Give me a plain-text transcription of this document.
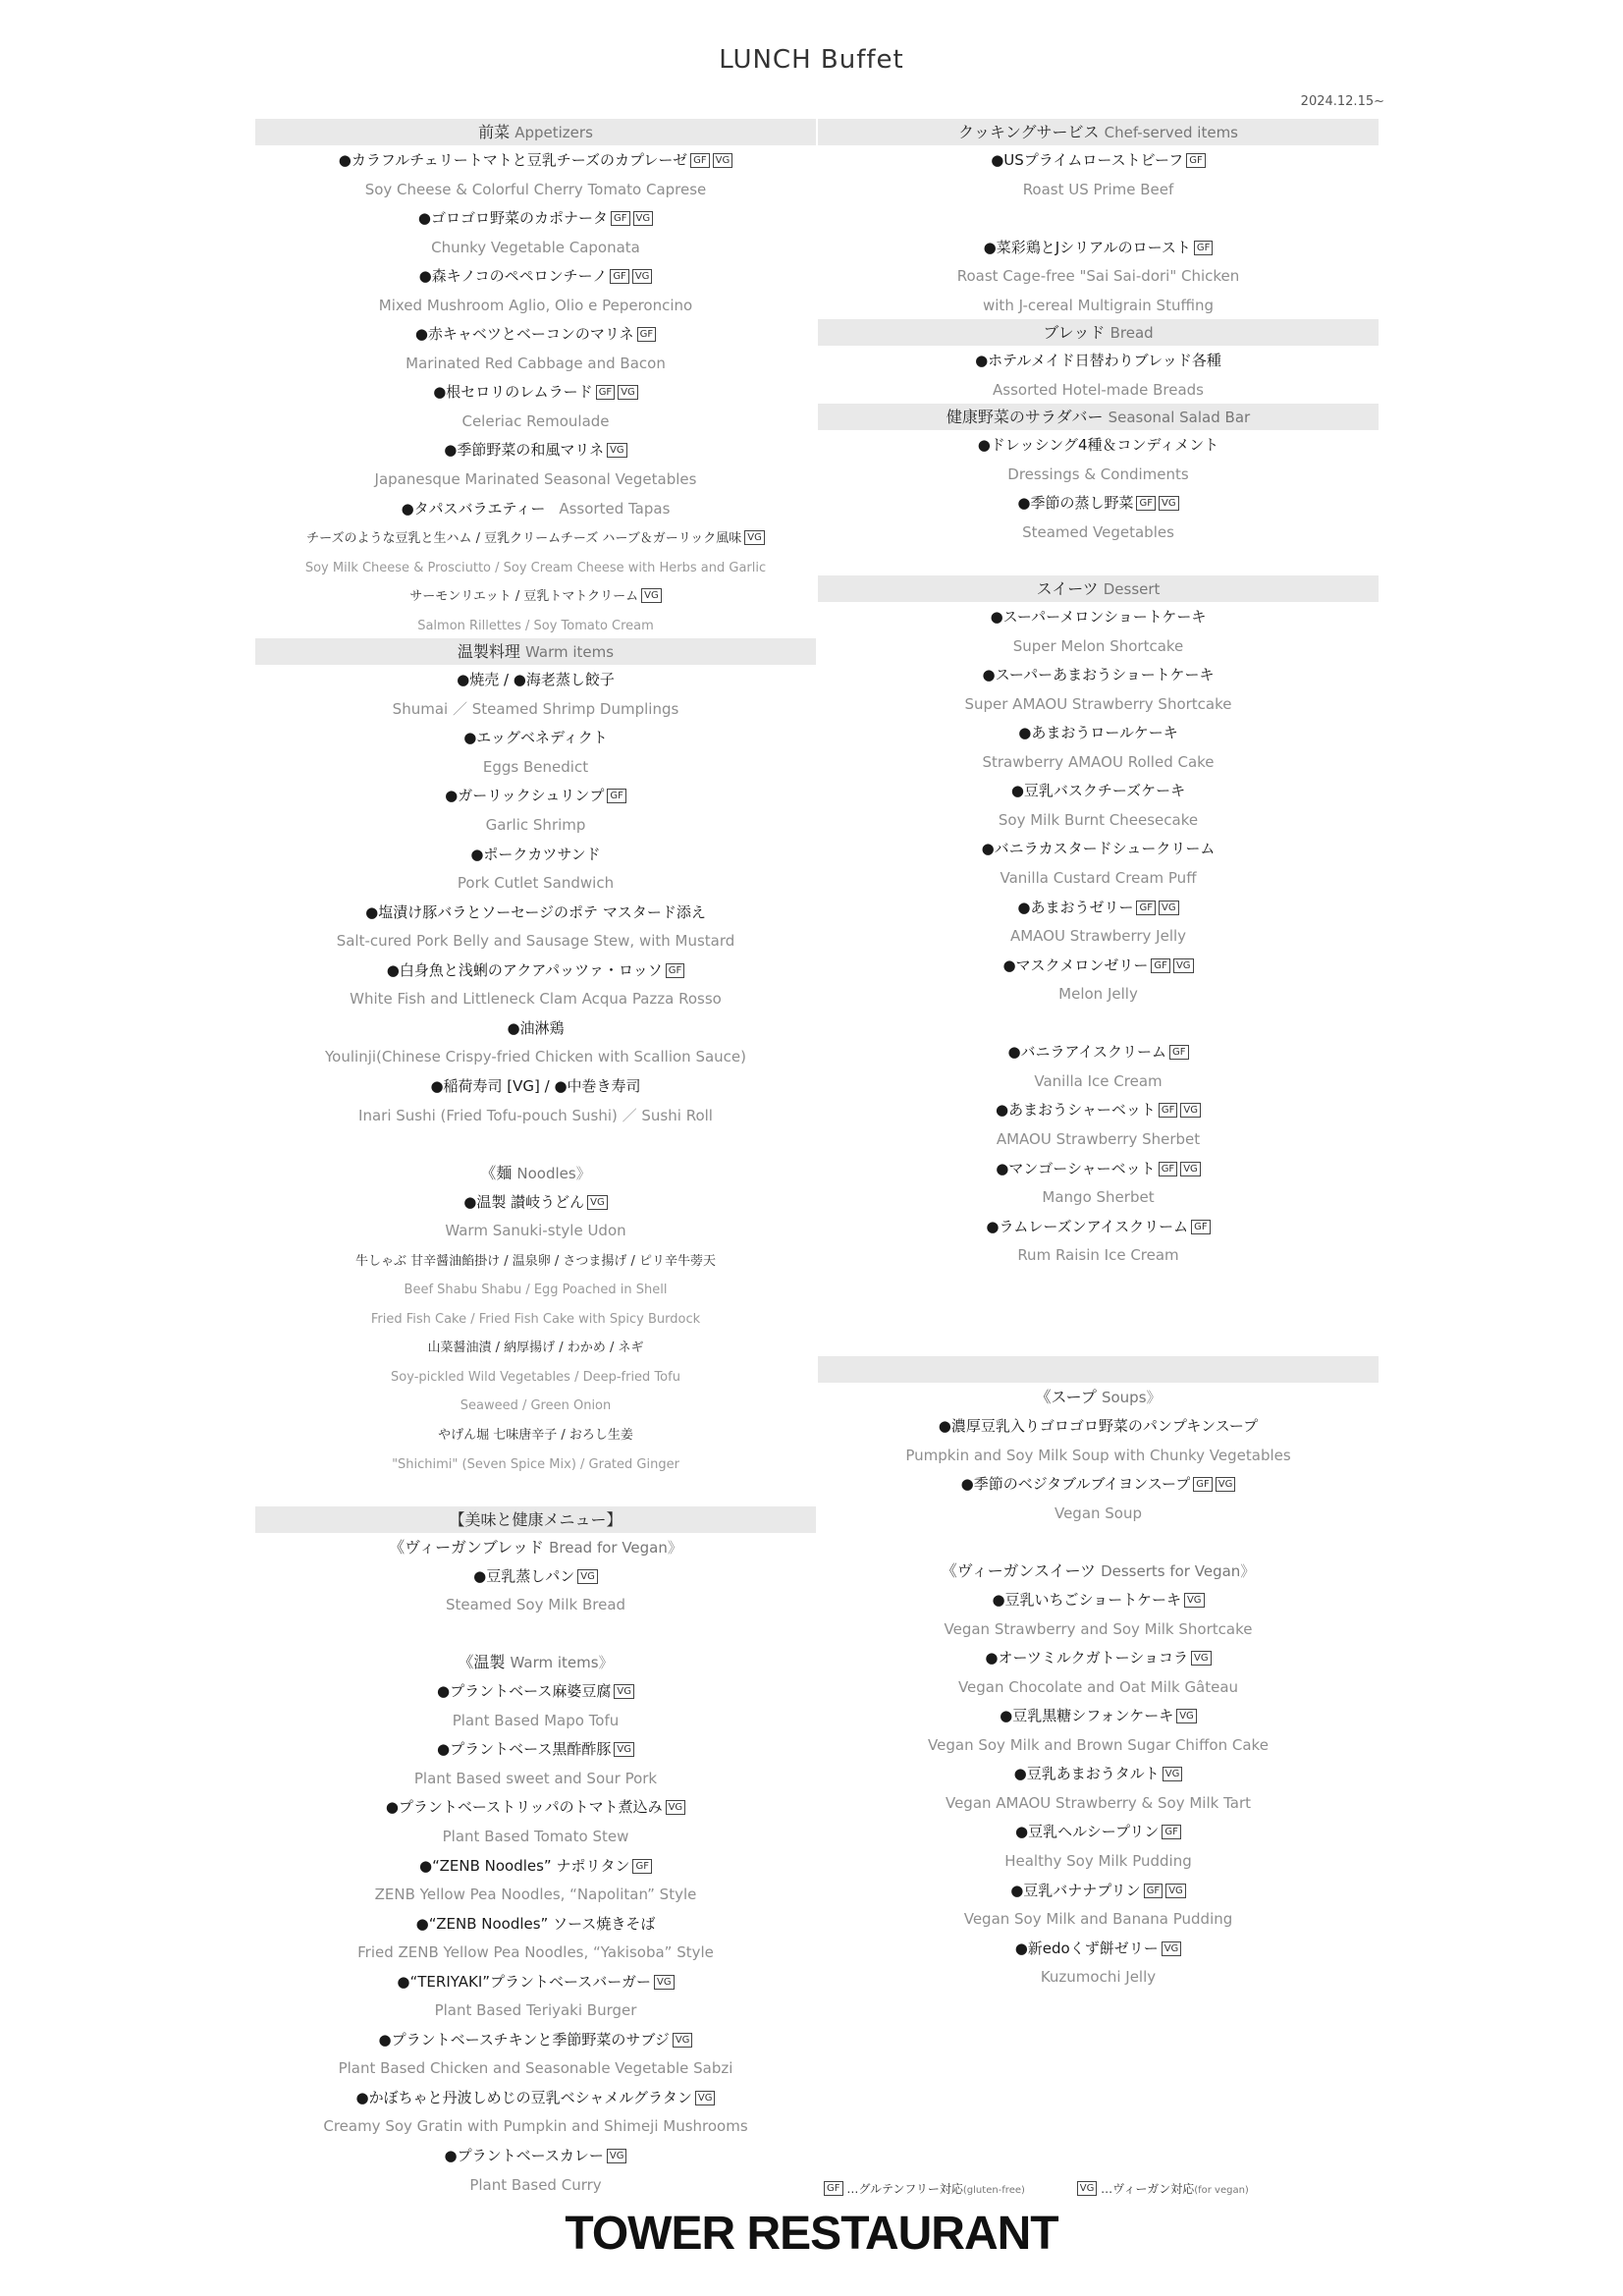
LUNCH Buffet
2024.12.15~
前菜 Appetizers
●カラフルチェリートマトと豆乳チーズのカプレーゼ GF VG
Soy Cheese & Colorful Cherry Tomato Caprese
●ゴロゴロ野菜のカポナータ GF VG
Chunky Vegetable Caponata
●森キノコのペペロンチーノ GF VG
Mixed Mushroom Aglio, Olio e Peperoncino
●赤キャベツとベーコンのマリネ GF
Marinated Red Cabbage and Bacon
●根セロリのレムラード GF VG
Celeriac Remoulade
●季節野菜の和風マリネ VG
Japanesque Marinated Seasonal Vegetables
●タパスバラエティー Assorted Tapas
チーズのような豆乳と生ハム / 豆乳クリームチーズ ハーブ＆ガーリック風味 VG
Soy Milk Cheese & Prosciutto / Soy Cream Cheese with Herbs and Garlic
サーモンリエット / 豆乳トマトクリーム VG
Salmon Rillettes / Soy Tomato Cream
温製料理 Warm items
●焼売 / ●海老蒸し餃子
Shumai ／ Steamed Shrimp Dumplings
●エッグベネディクト
Eggs Benedict
●ガーリックシュリンプ GF
Garlic Shrimp
●ポークカツサンド
Pork Cutlet Sandwich
●塩漬け豚バラとソーセージのポテ マスタード添え
Salt-cured Pork Belly and Sausage Stew, with Mustard
●白身魚と浅蜊のアクアパッツァ・ロッソ GF
White Fish and Littleneck Clam Acqua Pazza Rosso
●油淋鶏
Youlinji(Chinese Crispy-fried Chicken with Scallion Sauce)
●稲荷寿司 [VG] / ●中巻き寿司
Inari Sushi (Fried Tofu-pouch Sushi) ／ Sushi Roll
《麺 Noodles》
●温製 讃岐うどん VG
Warm Sanuki-style Udon
牛しゃぶ 甘辛醤油餡掛け / 温泉卵 / さつま揚げ / ピリ辛牛蒡天
Beef Shabu Shabu / Egg Poached in Shell
Fried Fish Cake / Fried Fish Cake with Spicy Burdock
山菜醤油漬 / 納厚揚げ / わかめ / ネギ
Soy-pickled Wild Vegetables / Deep-fried Tofu
Seaweed / Green Onion
やげん堀 七味唐辛子 / おろし生姜
"Shichimi" (Seven Spice Mix) / Grated Ginger
【美味と健康メニュー】
《ヴィーガンブレッド Bread for Vegan》
●豆乳蒸しパン VG
Steamed Soy Milk Bread
《温製 Warm items》
●プラントベース麻婆豆腐 VG
Plant Based Mapo Tofu
●プラントベース黒酢酢豚 VG
Plant Based sweet and Sour Pork
●プラントベーストリッパのトマト煮込み VG
Plant Based Tomato Stew
●“ZENB Noodles” ナポリタン GF
ZENB Yellow Pea Noodles, “Napolitan” Style
●“ZENB Noodles” ソース焼きそば
Fried ZENB Yellow Pea Noodles, “Yakisoba” Style
●“TERIYAKI”プラントベースバーガー VG
Plant Based Teriyaki Burger
●プラントベースチキンと季節野菜のサブジ VG
Plant Based Chicken and Seasonable Vegetable Sabzi
●かぼちゃと丹波しめじの豆乳ベシャメルグラタン VG
Creamy Soy Gratin with Pumpkin and Shimeji Mushrooms
●プラントベースカレー VG
Plant Based Curry
クッキングサービス Chef-served items
●USプライムローストビーフ GF
Roast US Prime Beef
●菜彩鶏とJシリアルのロースト GF
Roast Cage-free "Sai Sai-dori" Chicken
with J-cereal Multigrain Stuffing
ブレッド Bread
●ホテルメイド日替わりブレッド各種
Assorted Hotel-made Breads
健康野菜のサラダバー Seasonal Salad Bar
●ドレッシング4種＆コンディメント
Dressings & Condiments
●季節の蒸し野菜 GF VG
Steamed Vegetables
スイーツ Dessert
●スーパーメロンショートケーキ
Super Melon Shortcake
●スーパーあまおうショートケーキ
Super AMAOU Strawberry Shortcake
●あまおうロールケーキ
Strawberry AMAOU Rolled Cake
●豆乳バスクチーズケーキ
Soy Milk Burnt Cheesecake
●バニラカスタードシュークリーム
Vanilla Custard Cream Puff
●あまおうゼリー GF VG
AMAOU Strawberry Jelly
●マスクメロンゼリー GF VG
Melon Jelly
●バニラアイスクリーム GF
Vanilla Ice Cream
●あまおうシャーベット GF VG
AMAOU Strawberry Sherbet
●マンゴーシャーベット GF VG
Mango Sherbet
●ラムレーズンアイスクリーム GF
Rum Raisin Ice Cream
《スープ Soups》
●濃厚豆乳入りゴロゴロ野菜のパンプキンスープ
Pumpkin and Soy Milk Soup with Chunky Vegetables
●季節のベジタブルブイヨンスープ GF VG
Vegan Soup
《ヴィーガンスイーツ Desserts for Vegan》
●豆乳いちごショートケーキ VG
Vegan Strawberry and Soy Milk Shortcake
●オーツミルクガトーショコラ VG
Vegan Chocolate and Oat Milk Gâteau
●豆乳黒糖シフォンケーキ VG
Vegan Soy Milk and Brown Sugar Chiffon Cake
●豆乳あまおうタルト VG
Vegan AMAOU Strawberry & Soy Milk Tart
●豆乳ヘルシープリン GF
Healthy Soy Milk Pudding
●豆乳バナナプリン GF VG
Vegan Soy Milk and Banana Pudding
●新edoくず餅ゼリー VG
Kuzumochi Jelly
GF …グルテンフリー対応(gluten-free)	VG …ヴィーガン対応(for vegan)
TOWER RESTAURANT
